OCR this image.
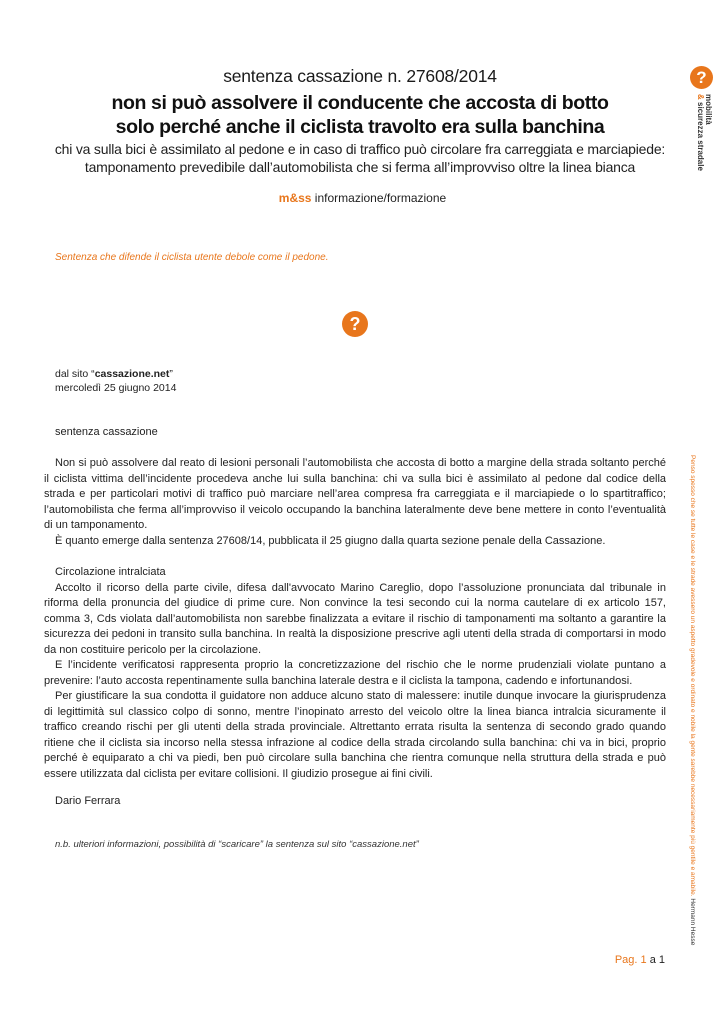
sentenza cassazione n. 27608/2014
non si può assolvere il conducente che accosta di botto
solo perché anche il ciclista travolto era sulla banchina
chi va sulla bici è assimilato al pedone e in caso di traffico può circolare fra carreggiata e marciapiede:
tamponamento prevedibile dall’automobilista che si ferma all’improvviso oltre la linea bianca
m&ss informazione/formazione
?
mobilità
& sicurezza stradale
Sentenza che difende il ciclista utente debole come il pedone.
?
dal sito “cassazione.net”
mercoledì 25 giugno 2014
sentenza cassazione

Non si può assolvere dal reato di lesioni personali l’automobilista che accosta di botto a margine della strada soltanto perché il ciclista vittima dell’incidente procedeva anche lui sulla banchina: chi va sulla bici è assimilato al pedone dal codice della strada e per particolari motivi di traffico può marciare nell’area compresa fra carreggiata e il marciapiede o lo spartitraffico; l’automobilista che ferma all’improvviso il veicolo occupando la banchina lateralmente deve bene mettere in conto l’eventualità di un tamponamento.

È quanto emerge dalla sentenza 27608/14, pubblicata il 25 giugno dalla quarta sezione penale della Cassazione.

Circolazione intralciata

Accolto il ricorso della parte civile, difesa dall'avvocato Marino Careglio, dopo l’assoluzione pronunciata dal tribunale in riforma della pronuncia del giudice di prime cure. Non convince la tesi secondo cui la norma cautelare di ex articolo 157, comma 3, Cds violata dall’automobilista non sarebbe finalizzata a evitare il rischio di tamponamenti ma soltanto a garantire la sicurezza dei pedoni in transito sulla banchina. In realtà la disposizione prescrive agli utenti della strada di comportarsi in modo da non costituire pericolo per la circolazione.

E l’incidente verificatosi rappresenta proprio la concretizzazione del rischio che le norme prudenziali violate puntano a prevenire: l’auto accosta repentinamente sulla banchina laterale destra e il ciclista la tampona, cadendo e infortunandosi.

Per giustificare la sua condotta il guidatore non adduce alcuno stato di malessere: inutile dunque invocare la giurisprudenza di legittimità sul classico colpo di sonno, mentre l’inopinato arresto del veicolo oltre la linea bianca intralcia sicuramente il traffico creando rischi per gli utenti della strada provinciale. Altrettanto errata risulta la sentenza di secondo grado quando ritiene che il ciclista sia incorso nella stessa infrazione al codice della strada circolando sulla banchina: chi va in bici, proprio perché è equiparato a chi va piedi, ben può circolare sulla banchina che rientra comunque nella struttura della strada e può essere utilizzata dal ciclista per evitare collisioni. Il giudizio prosegue ai fini civili.

Dario Ferrara
n.b. ulteriori informazioni, possibilità di “scaricare” la sentenza sul sito “cassazione.net”	Penso spesso che se tutte le case e le strade avessero un aspetto gradevole e ordinato e nobile la gente sarebbe necessariamente più gentile e amabile. Hermann Hesse
Pag. 1 a 1
